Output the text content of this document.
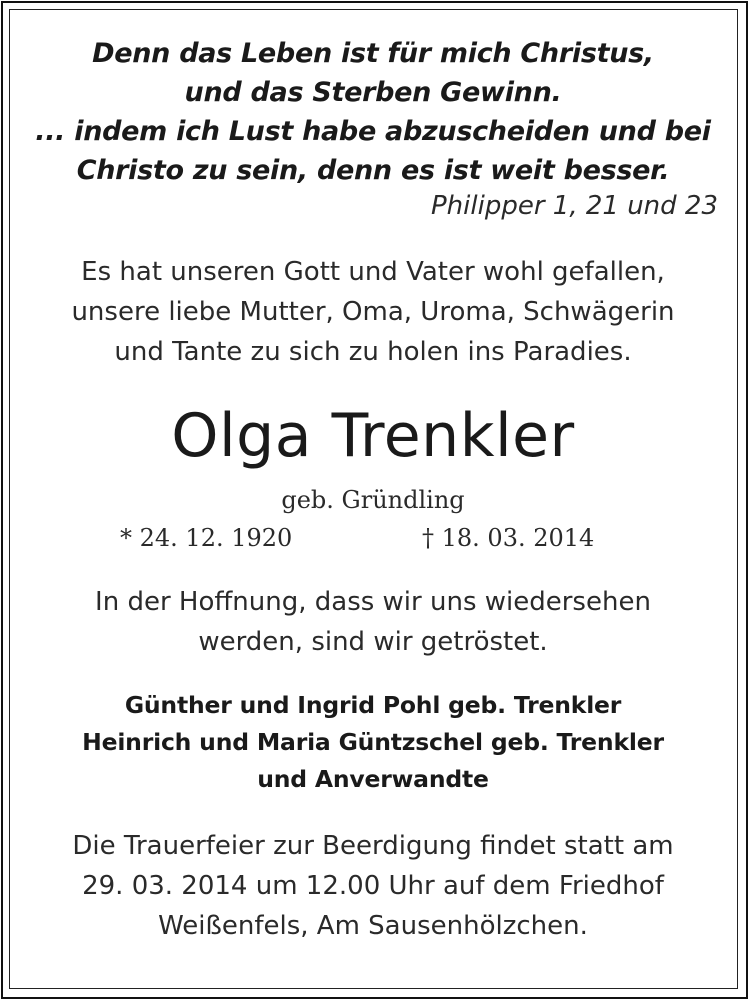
Denn das Leben ist für mich Christus,
und das Sterben Gewinn.
... indem ich Lust habe abzuscheiden und bei
Christo zu sein, denn es ist weit besser.
Philipper 1, 21 und 23
Es hat unseren Gott und Vater wohl gefallen,
unsere liebe Mutter, Oma, Uroma, Schwägerin
und Tante zu sich zu holen ins Paradies.
Olga Trenkler
geb. Gründling
* 24. 12. 1920	† 18. 03. 2014
In der Hoffnung, dass wir uns wiedersehen
werden, sind wir getröstet.
Günther und Ingrid Pohl geb. Trenkler
Heinrich und Maria Güntzschel geb. Trenkler
und Anverwandte
Die Trauerfeier zur Beerdigung findet statt am
29. 03. 2014 um 12.00 Uhr auf dem Friedhof
Weißenfels, Am Sausenhölzchen.
